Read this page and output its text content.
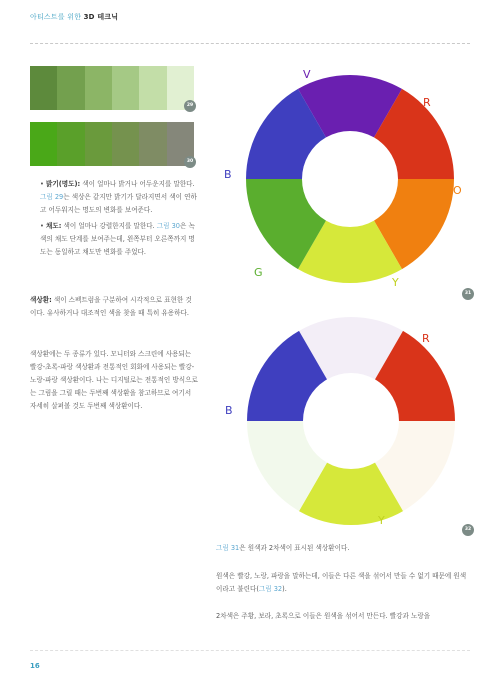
아티스트를 위한 3D 테크닉
29
30
• 밝기(명도): 색이 얼마나 밝거나 어두운지를 말한다. 그림 29는 색상은 같지만 밝기가 달라지면서 색이 연하고 어두워지는 명도의 변화를 보여준다.
• 채도: 색이 얼마나 강렬한지를 말한다. 그림 30은 녹색의 채도 단계를 보여주는데, 왼쪽부터 오른쪽까지 명도는 동일하고 채도만 변화를 주었다.

색상환: 색이 스펙트럼을 구분하여 시각적으로 표현한 것이다. 유사하거나 대조적인 색을 찾을 때 특히 유용하다.

색상환에는 두 종류가 있다. 모니터와 스크린에 사용되는 빨강-초록-파랑 색상환과 전통적인 회화에 사용되는 빨강-노랑-파랑 색상환이다. 나는 디지털로는 전통적인 방식으로는 그림을 그릴 때는 두번째 색상환을 참고하므로 여기서 자세히 살펴볼 것도 두번째 색상환이다.

V
R
O
Y
G
B
31
R
Y
B
32
그림 31은 원색과 2차색이 표시된 색상환이다.
원색은 빨강, 노랑, 파랑을 말하는데, 이들은 다른 색을 섞어서 만들 수 없기 때문에 원색이라고 불린다(그림 32).
2차색은 주황, 보라, 초록으로 이들은 원색을 섞어서 만든다. 빨강과 노랑을
16
